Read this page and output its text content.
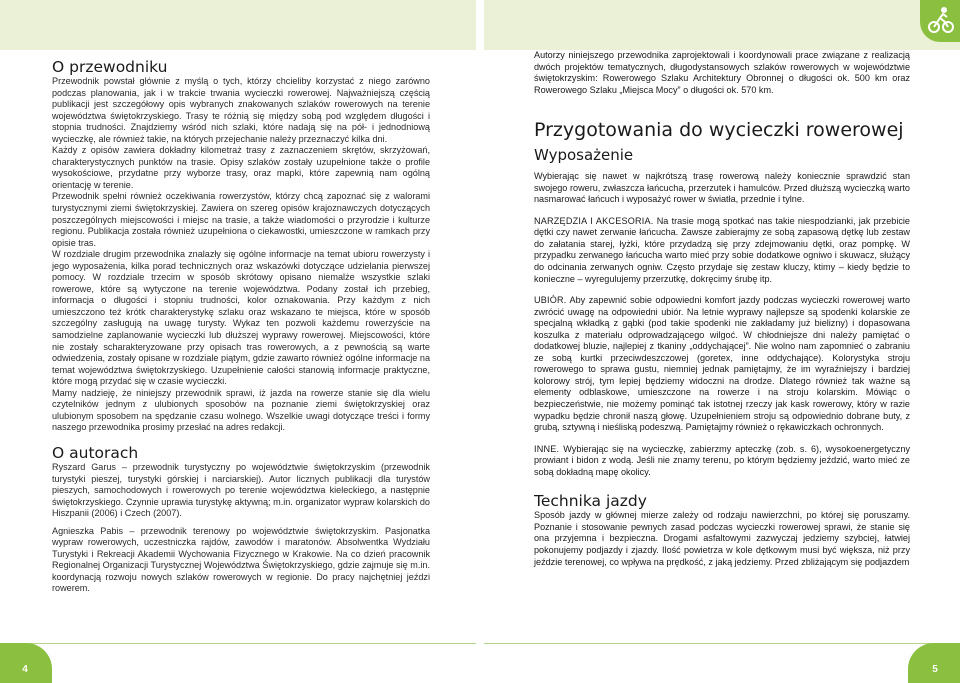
O przewodniku

Przewodnik powstał głównie z myślą o tych, którzy chcieliby korzystać z niego zarówno podczas planowania, jak i w trakcie trwania wycieczki rowerowej. Najważniejszą częścią publikacji jest szczegółowy opis wybranych znakowanych szlaków rowerowych na terenie województwa świętokrzyskiego. Trasy te różnią się między sobą pod względem długości i stopnia trudności. Znajdziemy wśród nich szlaki, które nadają się na pół- i jednodniową wycieczkę, ale również takie, na których przejechanie należy przeznaczyć kilka dni.

Każdy z opisów zawiera dokładny kilometraż trasy z zaznaczeniem skrętów, skrzyżowań, charakterystycznych punktów na trasie. Opisy szlaków zostały uzupełnione także o profile wysokościowe, przydatne przy wyborze trasy, oraz mapki, które zapewnią nam ogólną orientację w terenie.

Przewodnik spełni również oczekiwania rowerzystów, którzy chcą zapoznać się z walorami turystycznymi ziemi świętokrzyskiej. Zawiera on szereg opisów krajoznawczych dotyczących poszczególnych miejscowości i miejsc na trasie, a także wiadomości o przyrodzie i kulturze regionu. Publikacja została również uzupełniona o ciekawostki, umieszczone w ramkach przy opisie tras.

W rozdziale drugim przewodnika znalazły się ogólne informacje na temat ubioru rowerzysty i jego wyposażenia, kilka porad technicznych oraz wskazówki dotyczące udzielania pierwszej pomocy. W rozdziale trzecim w sposób skrótowy opisano niemalże wszystkie szlaki rowerowe, które są wytyczone na terenie województwa. Podany został ich przebieg, informacja o długości i stopniu trudności, kolor oznakowania. Przy każdym z nich umieszczono też krótk charakterystykę szlaku oraz wskazano te miejsca, które w sposób szczególny zasługują na uwagę turysty. Wykaz ten pozwoli każdemu rowerzyście na samodzielne zaplanowanie wycieczki lub dłuższej wyprawy rowerowej. Miejscowości, które nie zostały scharakteryzowane przy opisach tras rowerowych, a z pewnością są warte odwiedzenia, zostały opisane w rozdziale piątym, gdzie zawarto również ogólne informacje na temat województwa świętokrzyskiego. Uzupełnienie całości stanowią informacje praktyczne, które mogą przydać się w czasie wycieczki.

Mamy nadzieję, że niniejszy przewodnik sprawi, iż jazda na rowerze stanie się dla wielu czytelników jednym z ulubionych sposobów na poznanie ziemi świętokrzyskiej oraz ulubionym sposobem na spędzanie czasu wolnego. Wszelkie uwagi dotyczące treści i formy naszego przewodnika prosimy przesłać na adres redakcji.

O autorach

Ryszard Garus – przewodnik turystyczny po województwie świętokrzyskim (przewodnik turystyki pieszej, turystyki górskiej i narciarskiej). Autor licznych publikacji dla turystów pieszych, samochodowych i rowerowych po terenie województwa kieleckiego, a następnie świętokrzyskiego. Czynnie uprawia turystykę aktywną; m.in. organizator wypraw kolarskich do Hiszpanii (2006) i Czech (2007).

Agnieszka Pabis – przewodnik terenowy po województwie świętokrzyskim. Pasjonatka wypraw rowerowych, uczestniczka rajdów, zawodów i maratonów. Absolwentka Wydziału Turystyki i Rekreacji Akademii Wychowania Fizycznego w Krakowie. Na co dzień pracownik Regionalnej Organizacji Turystycznej Województwa Świętokrzyskiego, gdzie zajmuje się m.in. koordynacją rozwoju nowych szlaków rowerowych w regionie. Do pracy najchętniej jeździ rowerem.

Autorzy niniejszego przewodnika zaprojektowali i koordynowali prace związane z realizacją dwóch projektów tematycznych, długodystansowych szlaków rowerowych w województwie świętokrzyskim: Rowerowego Szlaku Architektury Obronnej o długości ok. 500 km oraz Rowerowego Szlaku „Miejsca Mocy” o długości ok. 570 km.

Przygotowania do wycieczki rowerowej
Wyposażenie

Wybierając się nawet w najkrótszą trasę rowerową należy koniecznie sprawdzić stan swojego roweru, zwłaszcza łańcucha, przerzutek i hamulców. Przed dłuższą wycieczką warto nasmarować łańcuch i wyposażyć rower w światła, przednie i tylne.

NARZĘDZIA I AKCESORIA. Na trasie mogą spotkać nas takie niespodzianki, jak przebicie dętki czy nawet zerwanie łańcucha. Zawsze zabierajmy ze sobą zapasową dętkę lub zestaw do załatania starej, łyżki, które przydadzą się przy zdejmowaniu dętki, oraz pompkę. W przypadku zerwanego łańcucha warto mieć przy sobie dodatkowe ogniwo i skuwacz, służący do odcinania zerwanych ogniw. Często przydaje się zestaw kluczy, ktimy – kiedy będzie to konieczne – wyregulujemy przerzutkę, dokręcimy śrubę itp.

UBIÓR. Aby zapewnić sobie odpowiedni komfort jazdy podczas wycieczki rowerowej warto zwrócić uwagę na odpowiedni ubiór. Na letnie wyprawy najlepsze są spodenki kolarskie ze specjalną wkładką z gąbki (pod takie spodenki nie zakładamy już bielizny) i dopasowana koszulka z materiału odprowadzającego wilgoć. W chłodniejsze dni należy pamiętać o dodatkowej bluzie, najlepiej z tkaniny „oddychającej”. Nie wolno nam zapomnieć o zabraniu ze sobą kurtki przeciwdeszczowej (goretex, inne oddychające). Kolorystyka stroju rowerowego to sprawa gustu, niemniej jednak pamiętajmy, że im wyraźniejszy i bardziej kolorowy strój, tym lepiej będziemy widoczni na drodze. Dlatego również tak ważne są elementy odblaskowe, umieszczone na rowerze i na stroju kolarskim. Mówiąc o bezpieczeństwie, nie możemy pominąć tak istotnej rzeczy jak kask rowerowy, który w razie wypadku będzie chronił naszą głowę. Uzupełnieniem stroju są odpowiednio dobrane buty, z grubą, sztywną i nieśliską podeszwą. Pamiętajmy również o rękawiczkach ochronnych.

INNE. Wybierając się na wycieczkę, zabierzmy apteczkę (zob. s. 6), wysokoenergetyczny prowiant i bidon z wodą. Jeśli nie znamy terenu, po którym będziemy jeździć, warto mieć ze sobą dokładną mapę okolicy.

Technika jazdy

Sposób jazdy w głównej mierze zależy od rodzaju nawierzchni, po której się poruszamy. Poznanie i stosowanie pewnych zasad podczas wycieczki rowerowej sprawi, że stanie się ona przyjemna i bezpieczna. Drogami asfaltowymi zazwyczaj jedziemy szybciej, łatwiej pokonujemy podjazdy i zjazdy. Ilość powietrza w kole dętkowym musi być większa, niż przy jeździe terenowej, co wpływa na prędkość, z jaką jedziemy. Przed zbliżającym się podjazdem

4	5
